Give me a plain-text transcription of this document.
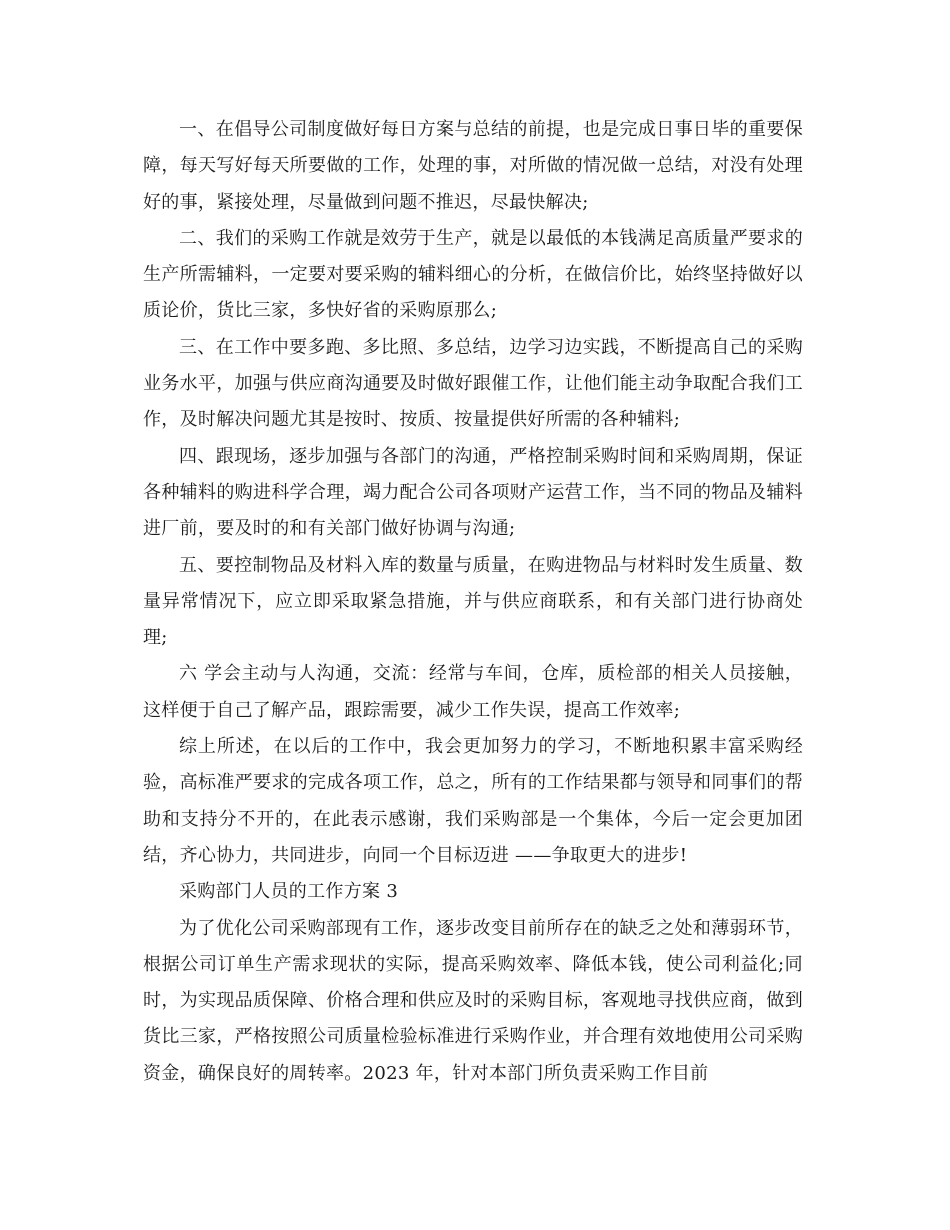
一、在倡导公司制度做好每日方案与总结的前提，也是完成日事日毕的重要保障，每天写好每天所要做的工作，处理的事，对所做的情况做一总结，对没有处理好的事，紧接处理，尽量做到问题不推迟，尽最快解决;

二、我们的采购工作就是效劳于生产，就是以最低的本钱满足高质量严要求的生产所需辅料，一定要对要采购的辅料细心的分析，在做信价比，始终坚持做好以质论价，货比三家，多快好省的采购原那么;

三、在工作中要多跑、多比照、多总结，边学习边实践，不断提高自己的采购业务水平，加强与供应商沟通要及时做好跟催工作，让他们能主动争取配合我们工作，及时解决问题尤其是按时、按质、按量提供好所需的各种辅料;

四、跟现场，逐步加强与各部门的沟通，严格控制采购时间和采购周期，保证各种辅料的购进科学合理，竭力配合公司各项财产运营工作，当不同的物品及辅料进厂前，要及时的和有关部门做好协调与沟通;

五、要控制物品及材料入库的数量与质量，在购进物品与材料时发生质量、数量异常情况下，应立即采取紧急措施，并与供应商联系，和有关部门进行协商处理;

六 学会主动与人沟通，交流：经常与车间，仓库，质检部的相关人员接触，这样便于自己了解产品，跟踪需要，减少工作失误，提高工作效率;

综上所述，在以后的工作中，我会更加努力的学习，不断地积累丰富采购经验，高标准严要求的完成各项工作，总之，所有的工作结果都与领导和同事们的帮助和支持分不开的，在此表示感谢，我们采购部是一个集体，今后一定会更加团结，齐心协力，共同进步，向同一个目标迈进 ——争取更大的进步!

采购部门人员的工作方案 3

为了优化公司采购部现有工作，逐步改变目前所存在的缺乏之处和薄弱环节，根据公司订单生产需求现状的实际，提高采购效率、降低本钱，使公司利益化;同时，为实现品质保障、价格合理和供应及时的采购目标，客观地寻找供应商，做到货比三家，严格按照公司质量检验标准进行采购作业，并合理有效地使用公司采购资金，确保良好的周转率。2023 年，针对本部门所负责采购工作目前
